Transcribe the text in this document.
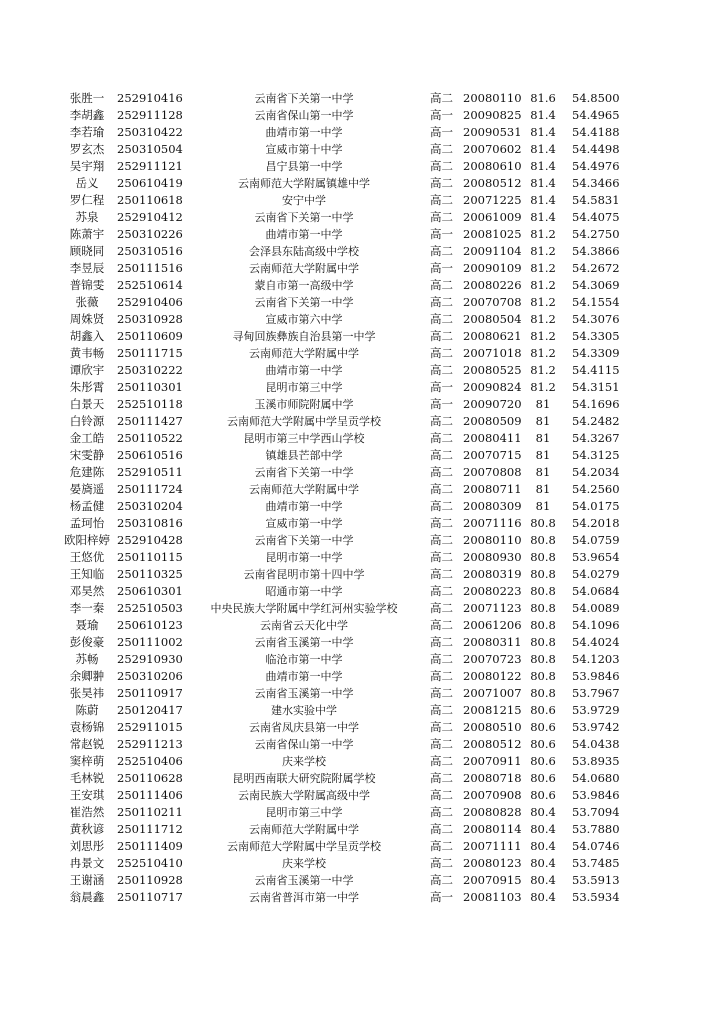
张胜一	252910416	云南省下关第一中学	高二 20080110 81.6 54.8500
李胡鑫	252911128	云南省保山第一中学	高一 20090825 81.4 54.4965
李若瑜	250310422	曲靖市第一中学	高一 20090531 81.4 54.4188
罗玄杰	250310504	宣威市第十中学	高二 20070602 81.4 54.4498
吴宇翔	252911121	昌宁县第一中学	高二 20080610 81.4 54.4976
岳义	250610419	云南师范大学附属镇雄中学	高二 20080512 81.4 54.3466
罗仁程	250110618	安宁中学	高二 20071225 81.4 54.5831
苏泉	252910412	云南省下关第一中学	高二 20061009 81.4 54.4075
陈萧宇	250310226	曲靖市第一中学	高一 20081025 81.2 54.2750
顾晓同	250310516	会泽县东陆高级中学校	高二 20091104 81.2 54.3866
李昱辰	250111516	云南师范大学附属中学	高一 20090109 81.2 54.2672
普锦雯	252510614	蒙自市第一高级中学	高二 20080226 81.2 54.3069
张薇	252910406	云南省下关第一中学	高二 20070708 81.2 54.1554
周姝贤	250310928	宣威市第六中学	高二 20080504 81.2 54.3076
胡鑫入	250110609	寻甸回族彝族自治县第一中学	高二 20080621 81.2 54.3305
黄韦畅	250111715	云南师范大学附属中学	高二 20071018 81.2 54.3309
谭欣宇	250310222	曲靖市第一中学	高二 20080525 81.2 54.4115
朱彤霄	250110301	昆明市第三中学	高一 20090824 81.2 54.3151
白景天	252510118	玉溪市师院附属中学	高一 20090720	81	54.1696
白铃源	250111427	云南师范大学附属中学呈贡学校	高二 20080509	81	54.2482
金工皓	250110522	昆明市第三中学西山学校	高二 20080411	81	54.3267
宋雯静	250610516	镇雄县芒部中学	高二 20070715	81	54.3125
危建陈	252910511	云南省下关第一中学	高二 20070808	81	54.2034
晏旖遥	250111724	云南师范大学附属中学	高二 20080711	81	54.2560
杨孟健	250310204	曲靖市第一中学	高二 20080309	81	54.0175
孟珂怡	250310816	宣威市第一中学	高二 20071116 80.8 54.2018
欧阳梓婷 252910428	云南省下关第一中学	高二 20080110 80.8 54.0759
王悠优	250110115	昆明市第一中学	高二 20080930 80.8 53.9654
王知临	250110325	云南省昆明市第十四中学	高二 20080319 80.8 54.0279
邓昊然	250610301	昭通市第一中学	高二 20080223 80.8 54.0684
李一秦	252510503	中央民族大学附属中学红河州实验学校	高二 20071123 80.8 54.0089
聂瑜	250610123	云南省云天化中学	高二 20061206 80.8 54.1096
彭俊豪	250111002	云南省玉溪第一中学	高二 20080311 80.8 54.4024
苏畅	252910930	临沧市第一中学	高二 20070723 80.8 54.1203
余卿翀	250310206	曲靖市第一中学	高二 20080122 80.8 53.9846
张昊祎	250110917	云南省玉溪第一中学	高二 20071007 80.8 53.7967
陈蔚	250120417	建水实验中学	高二 20081215 80.6 53.9729
袁杨锦	252911015	云南省凤庆县第一中学	高二 20080510 80.6 53.9742
常赵锐	252911213	云南省保山第一中学	高二 20080512 80.6 54.0438
窦梓萌	252510406	庆来学校	高二 20070911 80.6 53.8935
毛林锐	250110628	昆明西南联大研究院附属学校	高二 20080718 80.6 54.0680
王安琪	250111406	云南民族大学附属高级中学	高二 20070908 80.6 53.9846
崔浩然	250110211	昆明市第三中学	高二 20080828 80.4 53.7094
黄秋谚	250111712	云南师范大学附属中学	高二 20080114 80.4 53.7880
刘思彤	250111409	云南师范大学附属中学呈贡学校	高二 20071111 80.4 54.0746
冉景文	252510410	庆来学校	高二 20080123 80.4 53.7485
王谢涵	250110928	云南省玉溪第一中学	高二 20070915 80.4 53.5913
翁晨鑫	250110717	云南省普洱市第一中学	高一 20081103 80.4 53.5934
